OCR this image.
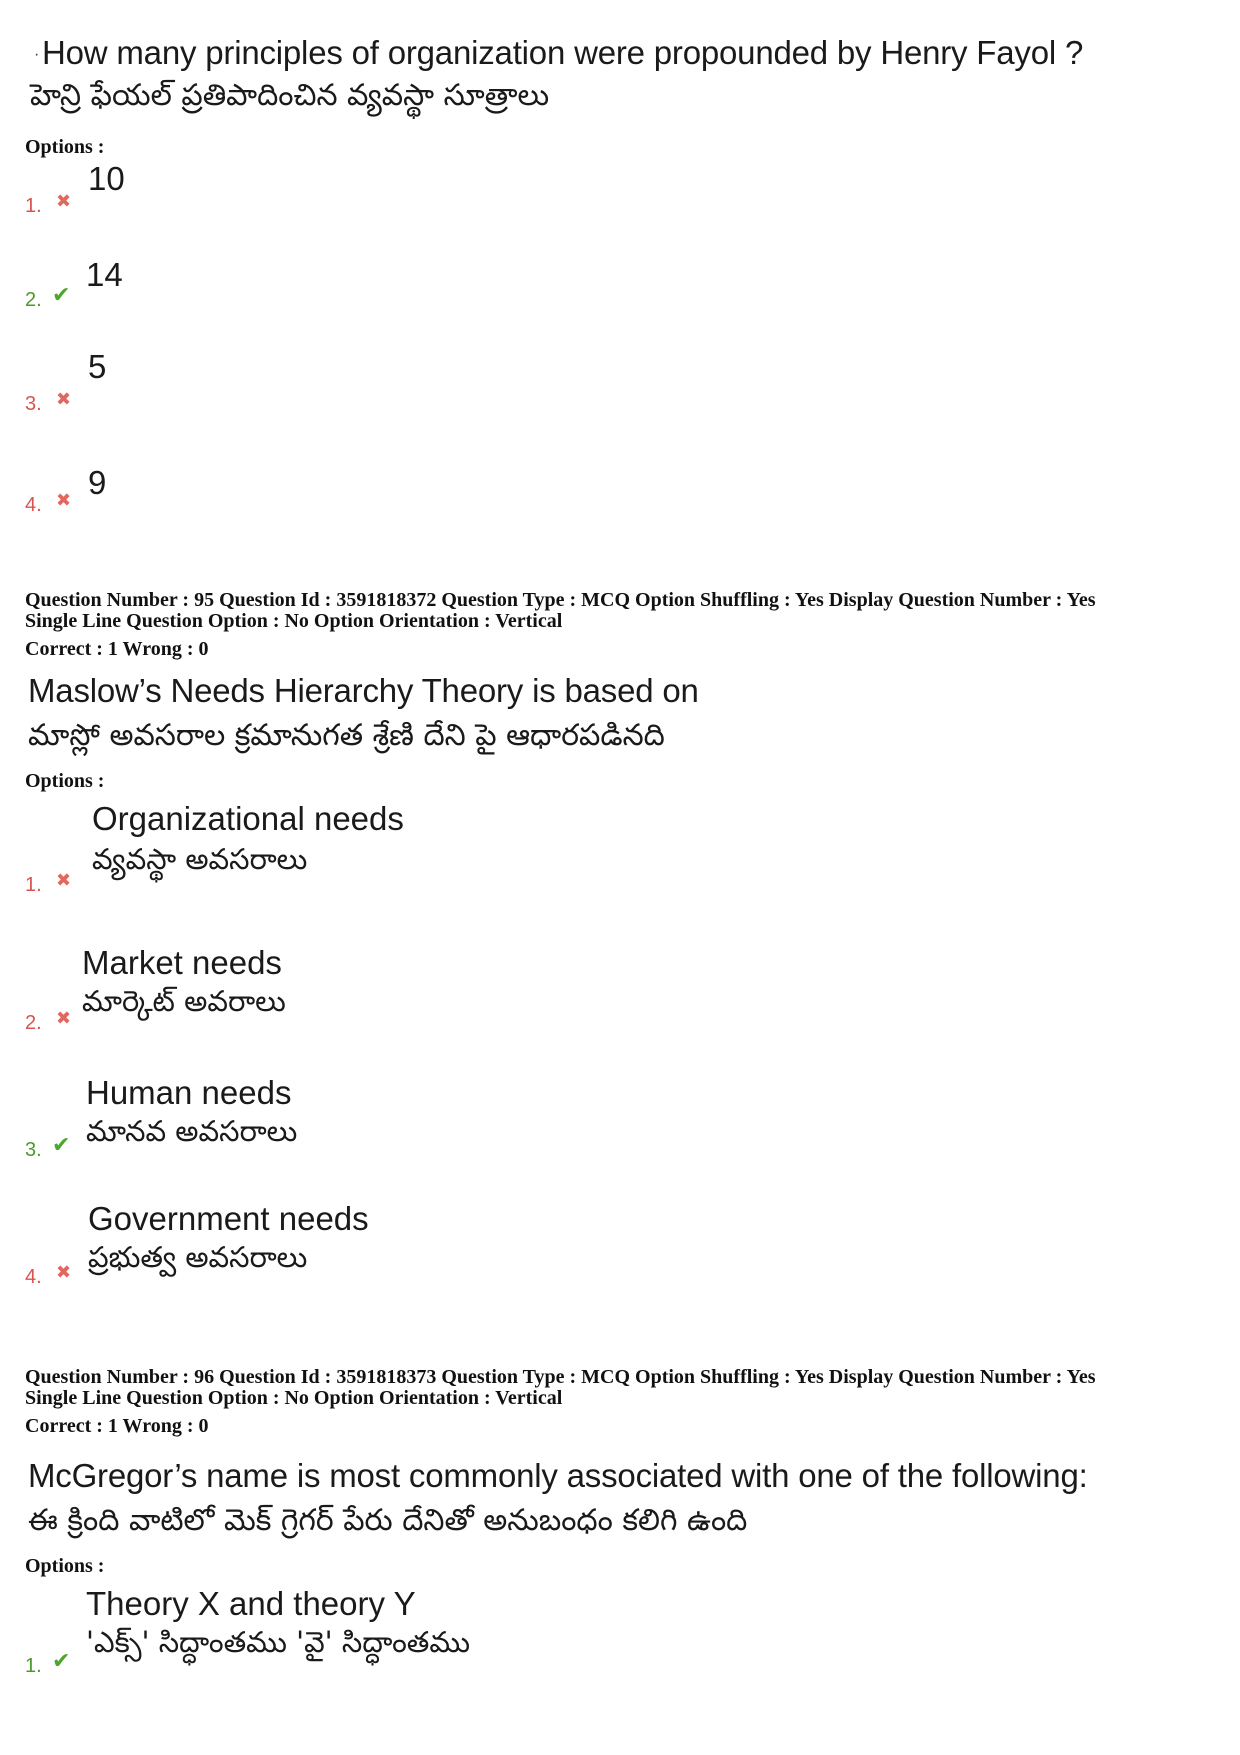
· How many principles of organization were propounded by Henry Fayol ?
హెన్రి ఫేయల్ ప్రతిపాదించిన వ్యవస్థా సూత్రాలు
Options :
1. ✖
10
2. ✔
14
3. ✖
5
4. ✖ 9
Question Number : 95 Question Id : 3591818372 Question Type : MCQ Option Shuffling : Yes Display Question Number : Yes
Single Line Question Option : No Option Orientation : Vertical
Correct : 1 Wrong : 0
Maslow’s Needs Hierarchy Theory is based on
మాస్లో అవసరాల క్రమానుగత శ్రేణి దేని పై ఆధారపడినది
Options :
Organizational needs
వ్యవస్థా అవసరాలు
1. ✖
Market needs
మార్కెట్ అవరాలు
2. ✖
Human needs
మానవ అవసరాలు
3. ✔
Government needs
ప్రభుత్వ అవసరాలు
4. ✖
Question Number : 96 Question Id : 3591818373 Question Type : MCQ Option Shuffling : Yes Display Question Number : Yes
Single Line Question Option : No Option Orientation : Vertical
Correct : 1 Wrong : 0
McGregor’s name is most commonly associated with one of the following:
ఈ క్రింది వాటిలో మెక్ గ్రెగర్ పేరు దేనితో అనుబంధం కలిగి ఉంది
Options :
Theory X and theory Y
'ఎక్స్' సిద్ధాంతము 'వై' సిద్ధాంతము
1. ✔
